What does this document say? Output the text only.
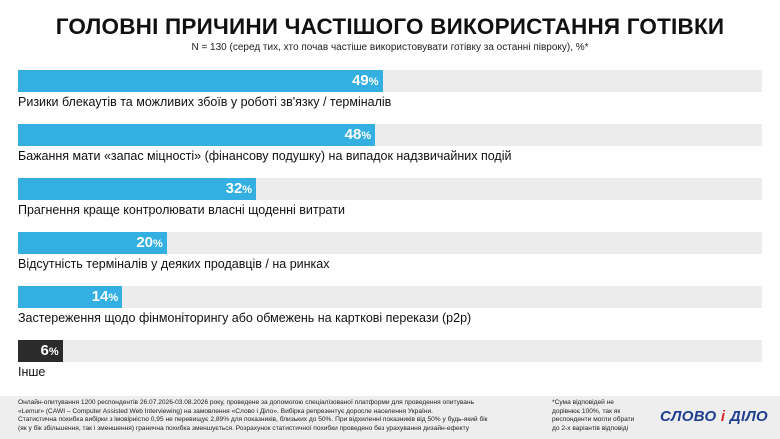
ГОЛОВНІ ПРИЧИНИ ЧАСТІШОГО ВИКОРИСТАННЯ ГОТІВКИ
N = 130 (серед тих, хто почав частіше використовувати готівку за останні півроку), %*
49%
Ризики блекаутів та можливих збоїв у роботі зв'язку / терміналів
48%
Бажання мати «запас міцності» (фінансову подушку) на випадок надзвичайних подій
32%
Прагнення краще контролювати власні щоденні витрати
20%
Відсутність терміналів у деяких продавців / на ринках
14%
Застереження щодо фінмоніторингу або обмежень на карткові перекази (р2р)
6%
Інше
Онлайн-опитування 1200 респондентів 26.07.2026-03.08.2026 року, проведене за допомогою спеціалізованої платформи для проведення опитувань
«Lemur» (CAWI – Computer Assisted Web Interviewing) на замовлення «Слово і Діло». Вибірка репрезентує доросле населення України.
Статистична похибка вибірки з імовірністю 0,95 не перевищує 2,89% для показників, близьких до 50%. При відхиленні показників від 50% у будь-який бік
(як у бік збільшення, так і зменшення) гранична похибка зменшується. Розрахунок статистичної похибки проведено без урахування дизайн-ефекту
*Сума відповідей не
дорівнює 100%, так як
респонденти могли обрати
до 2-х варіантів відповіді
СЛОВО і ДІЛО
